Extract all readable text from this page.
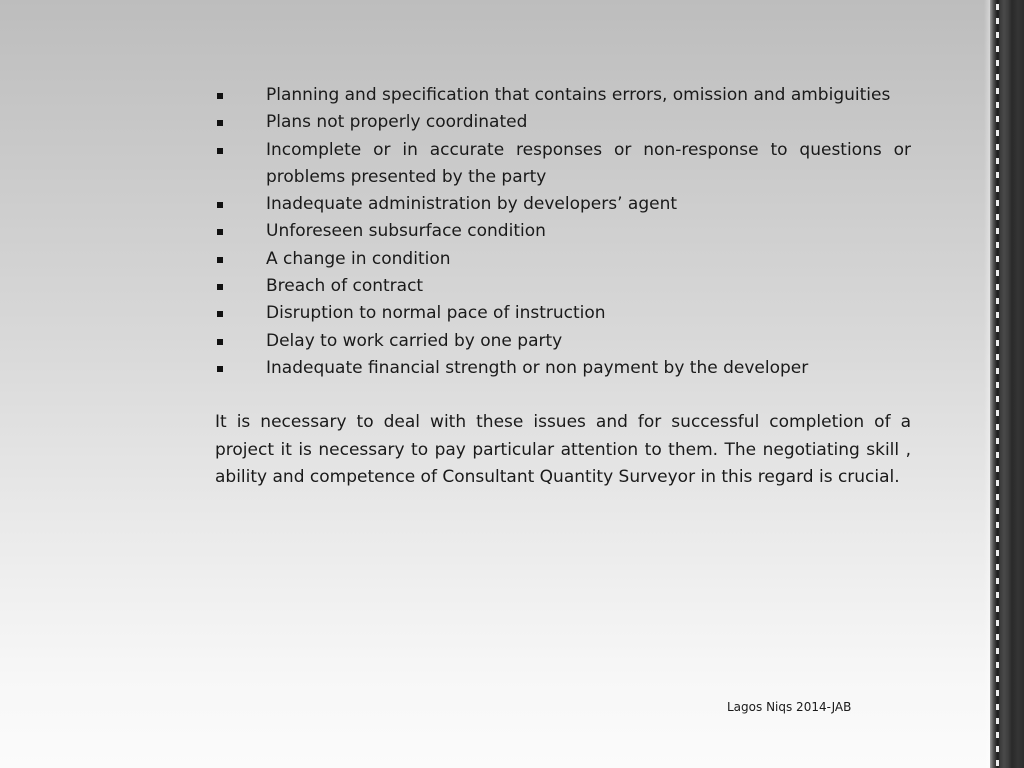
Planning and specification that contains errors, omission and ambiguities
Plans not properly coordinated
Incomplete or in accurate responses or non-response to questions or problems presented by the party
Inadequate administration by developers’ agent
Unforeseen subsurface condition
A change in condition
Breach of contract
Disruption to normal pace of instruction
Delay to work carried by one party
Inadequate financial strength or non payment by the developer
It is necessary to deal with these issues and for successful completion of a project it is necessary to pay particular attention to them. The negotiating skill , ability and competence of Consultant Quantity Surveyor in this regard is crucial.
Lagos Niqs 2014-JAB
